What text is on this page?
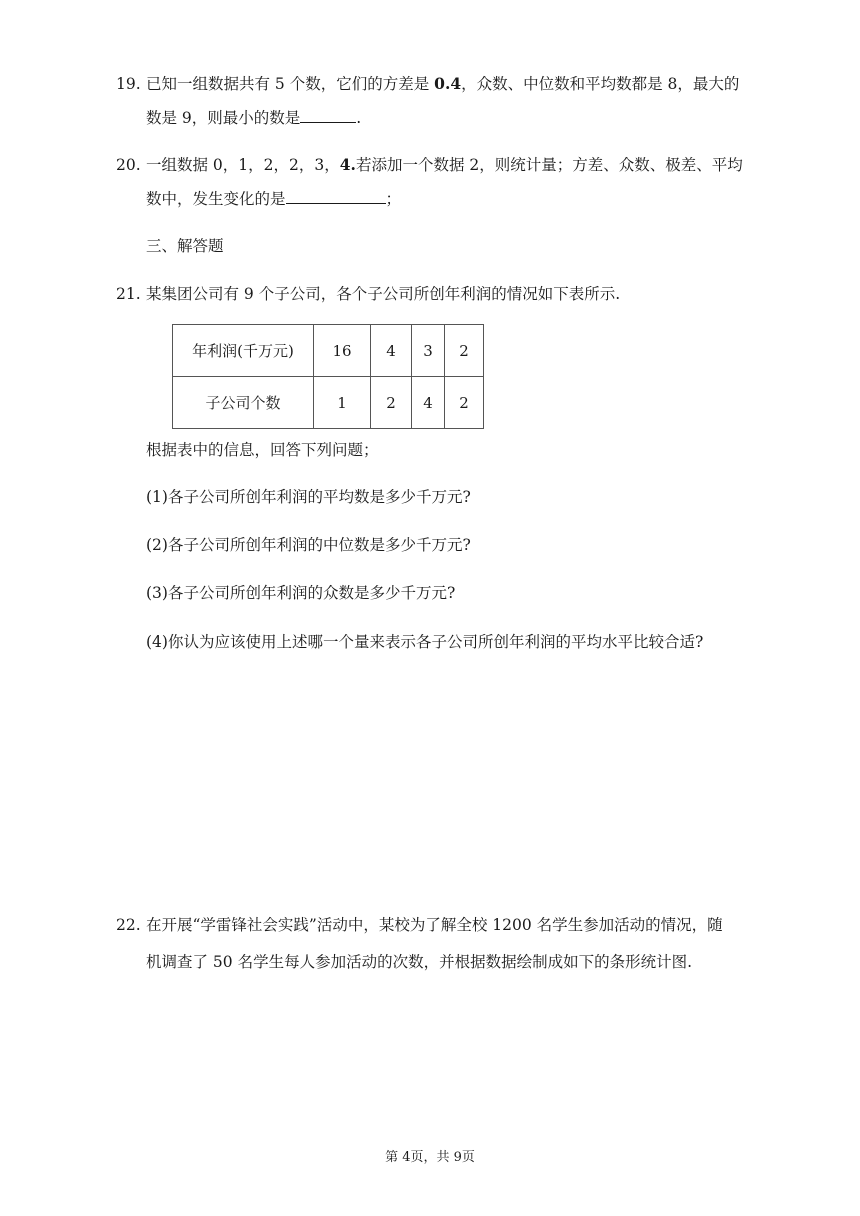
19. 已知一组数据共有 5 个数，它们的方差是 0.4，众数、中位数和平均数都是 8，最大的
数是 9，则最小的数是	.
20. 一组数据 0，1，2，2，3，4.若添加一个数据 2，则统计量；方差、众数、极差、平均
数中，发生变化的是	；
三、解答题
21. 某集团公司有 9 个子公司，各个子公司所创年利润的情况如下表所示.
年利润(千万元)	16	4	3	2
子公司个数	1	2	4	2
根据表中的信息，回答下列问题；
(1)各子公司所创年利润的平均数是多少千万元?
(2)各子公司所创年利润的中位数是多少千万元?
(3)各子公司所创年利润的众数是多少千万元?
(4)你认为应该使用上述哪一个量来表示各子公司所创年利润的平均水平比较合适?
22. 在开展“学雷锋社会实践”活动中，某校为了解全校 1200 名学生参加活动的情况，随
机调查了 50 名学生每人参加活动的次数，并根据数据绘制成如下的条形统计图.
第 4页，共 9页
